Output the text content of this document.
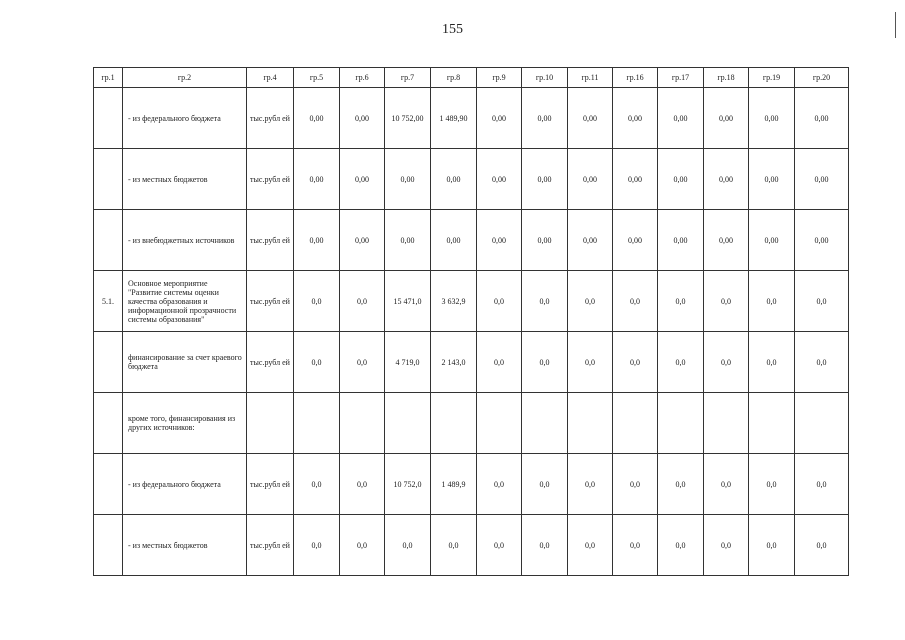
155
гр.1	гр.2	гр.4	гр.5	гр.6	гр.7	гр.8	гр.9	гр.10	гр.11	гр.16	гр.17	гр.18	гр.19	гр.20
	- из федерального бюджета	тыс.рубл ей	0,00	0,00	10 752,00	1 489,90	0,00	0,00	0,00	0,00	0,00	0,00	0,00	0,00
	- из местных бюджетов	тыс.рубл ей	0,00	0,00	0,00	0,00	0,00	0,00	0,00	0,00	0,00	0,00	0,00	0,00
	- из внебюджетных источников	тыс.рубл ей	0,00	0,00	0,00	0,00	0,00	0,00	0,00	0,00	0,00	0,00	0,00	0,00
5.1.	Основное мероприятие "Развитие системы оценки качества образования и информационной прозрачности системы образования"	тыс.рубл ей	0,0	0,0	15 471,0	3 632,9	0,0	0,0	0,0	0,0	0,0	0,0	0,0	0,0
	финансирование за счет краевого бюджета	тыс.рубл ей	0,0	0,0	4 719,0	2 143,0	0,0	0,0	0,0	0,0	0,0	0,0	0,0	0,0
	кроме того, финансирования из других источников:													
	- из федерального бюджета	тыс.рубл ей	0,0	0,0	10 752,0	1 489,9	0,0	0,0	0,0	0,0	0,0	0,0	0,0	0,0
	- из местных бюджетов	тыс.рубл ей	0,0	0,0	0,0	0,0	0,0	0,0	0,0	0,0	0,0	0,0	0,0	0,0
